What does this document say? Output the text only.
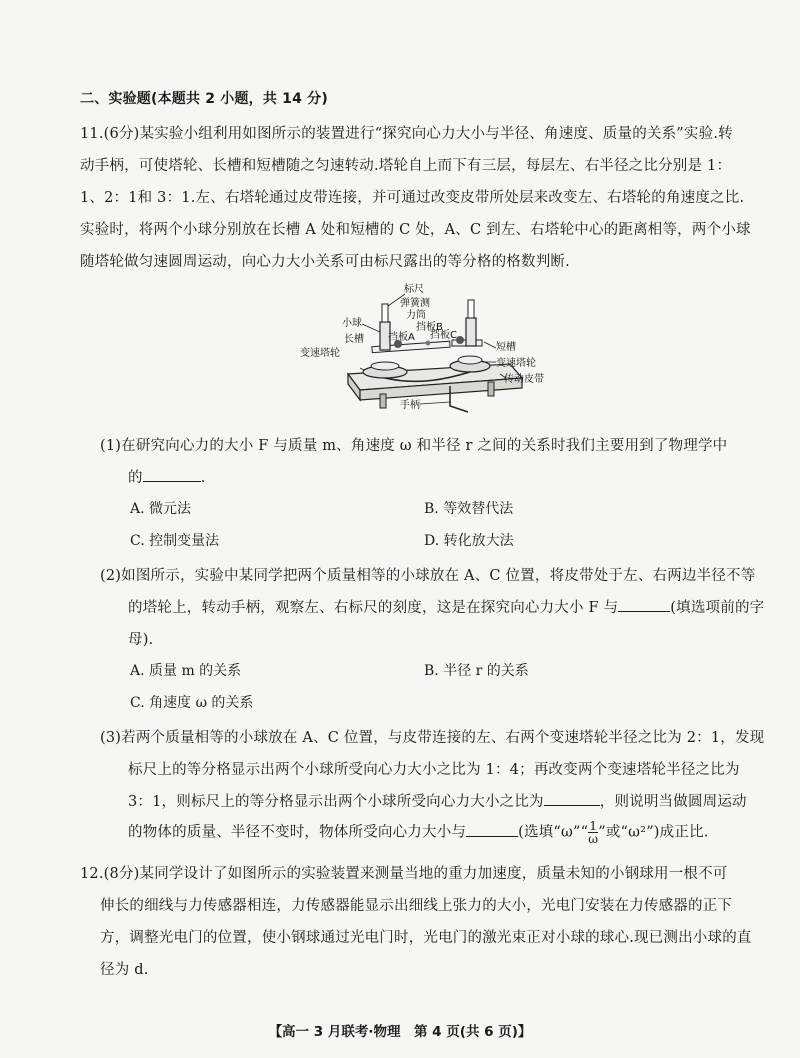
二、实验题(本题共 2 小题，共 14 分)
11.(6分)某实验小组利用如图所示的装置进行“探究向心力大小与半径、角速度、质量的关系”实验.转
动手柄，可使塔轮、长槽和短槽随之匀速转动.塔轮自上而下有三层，每层左、右半径之比分别是 1：
1、2：1和 3：1.左、右塔轮通过皮带连接，并可通过改变皮带所处层来改变左、右塔轮的角速度之比.
实验时，将两个小球分别放在长槽 A 处和短槽的 C 处，A、C 到左、右塔轮中心的距离相等，两个小球
随塔轮做匀速圆周运动，向心力大小关系可由标尺露出的等分格的格数判断.
标尺
弹簧测
力筒
挡板B
小球
挡板A 挡板C
长槽
短槽
变速塔轮
变速塔轮
传动皮带
手柄
(1)在研究向心力的大小 F 与质量 m、角速度 ω 和半径 r 之间的关系时我们主要用到了物理学中
的	.
A. 微元法	B. 等效替代法
C. 控制变量法	D. 转化放大法
(2)如图所示，实验中某同学把两个质量相等的小球放在 A、C 位置，将皮带处于左、右两边半径不等
的塔轮上，转动手柄，观察左、右标尺的刻度，这是在探究向心力大小 F 与	(填选项前的字
母).
A. 质量 m 的关系	B. 半径 r 的关系
C. 角速度 ω 的关系
(3)若两个质量相等的小球放在 A、C 位置，与皮带连接的左、右两个变速塔轮半径之比为 2：1，发现
标尺上的等分格显示出两个小球所受向心力大小之比为 1：4；再改变两个变速塔轮半径之比为
3：1，则标尺上的等分格显示出两个小球所受向心力大小之比为	，则说明当做圆周运动
的物体的质量、半径不变时，物体所受向心力大小与	(选填“ω”“ $\frac{1}{\omega}$ ”或“ω²”)成正比.
12.(8分)某同学设计了如图所示的实验装置来测量当地的重力加速度，质量未知的小钢球用一根不可
伸长的细线与力传感器相连，力传感器能显示出细线上张力的大小，光电门安装在力传感器的正下
方，调整光电门的位置，使小钢球通过光电门时，光电门的激光束正对小球的球心.现已测出小球的直
径为 d.
【高一 3 月联考·物理　第 4 页(共 6 页)】
